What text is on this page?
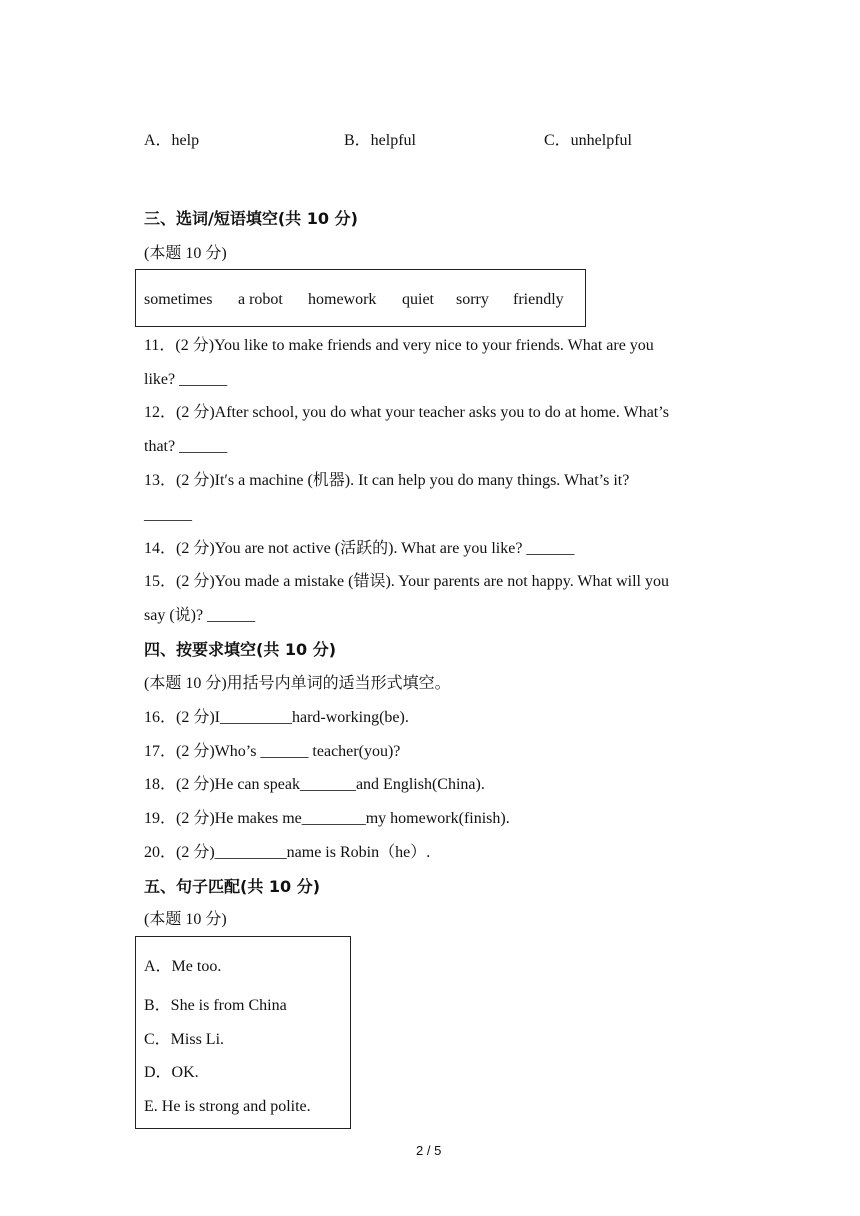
A．help	B．helpful	C．unhelpful
三、选词/短语填空(共 10 分)
(本题 10 分)
sometimes a robot homework quiet sorry friendly
11．(2 分)You like to make friends and very nice to your friends. What are you
like? ______
12．(2 分)After school, you do what your teacher asks you to do at home. What’s
that? ______
13．(2 分)It′s a machine (机器). It can help you do many things. What’s it?
______
14．(2 分)You are not active (活跃的). What are you like? ______
15．(2 分)You made a mistake (错误). Your parents are not happy. What will you
say (说)? ______
四、按要求填空(共 10 分)
(本题 10 分)用括号内单词的适当形式填空。
16．(2 分)I_________hard-working(be).
17．(2 分)Who’s ______ teacher(you)?
18．(2 分)He can speak_______and English(China).
19．(2 分)He makes me________my homework(finish).
20．(2 分)_________name is Robin（he）.
五、句子匹配(共 10 分)
(本题 10 分)
A．Me too.
B．She is from China
C．Miss Li.
D．OK.
E. He is strong and polite.
2 / 5
